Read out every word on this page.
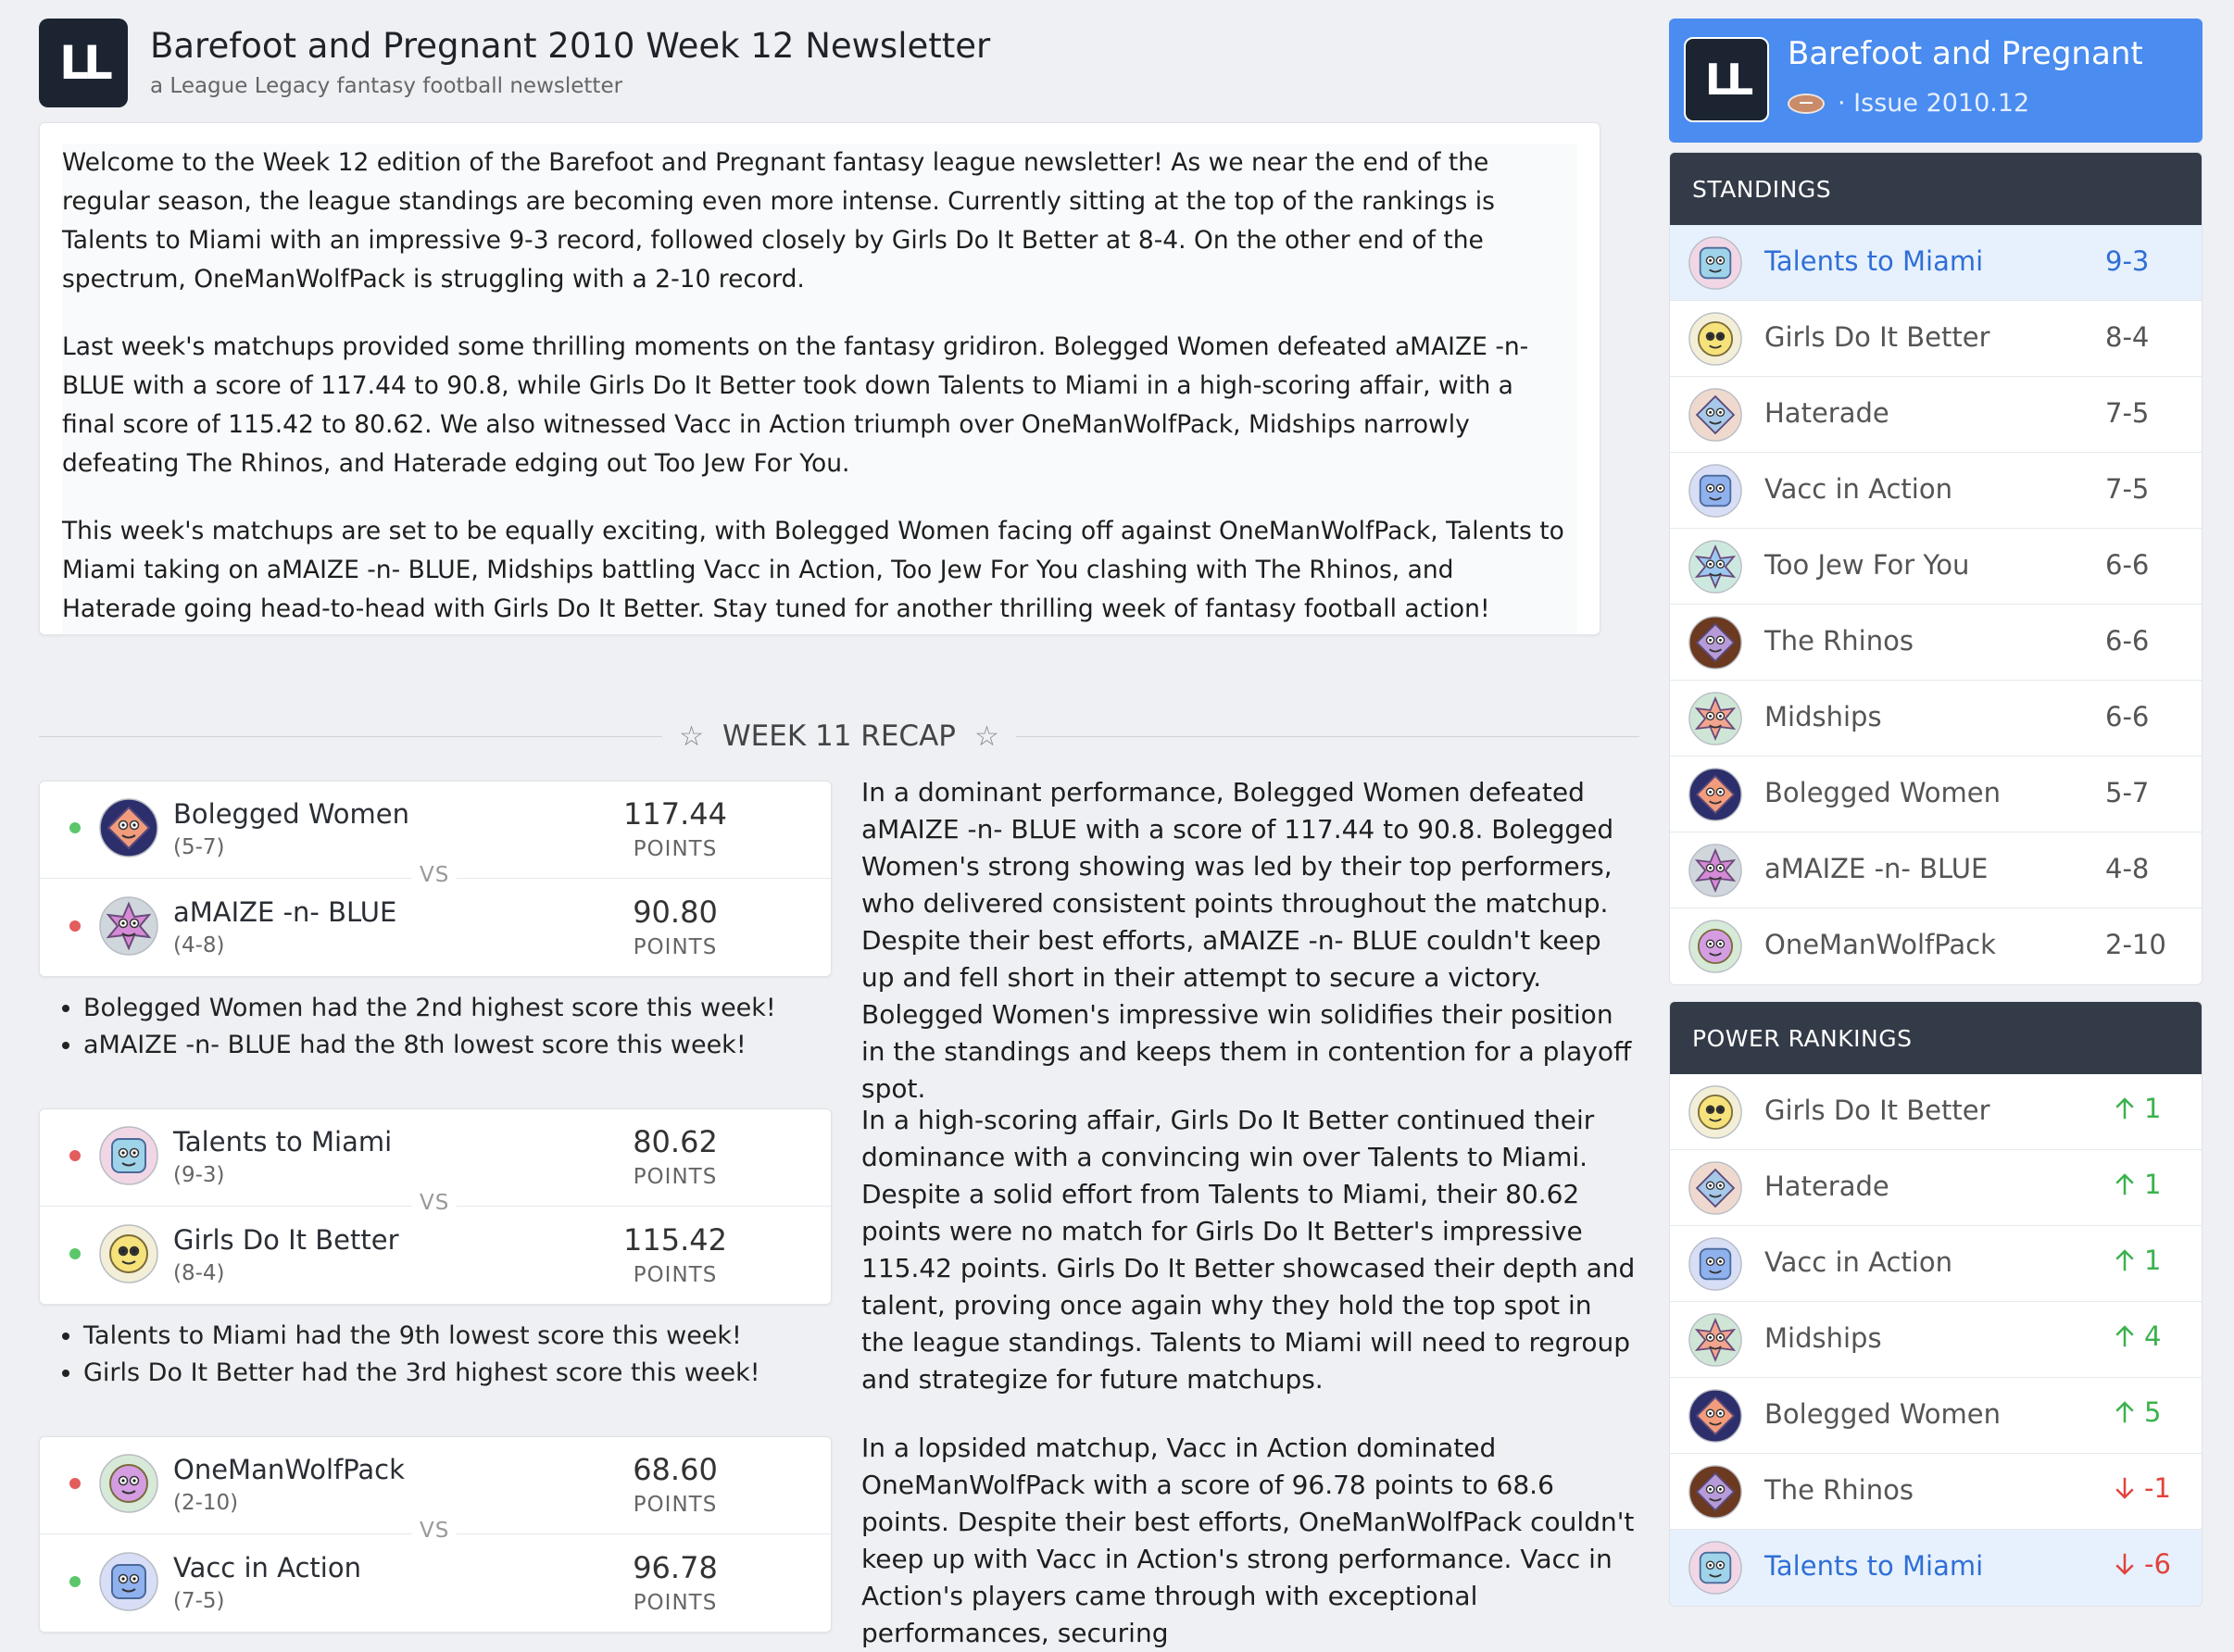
LL Barefoot and Pregnant 2010 Week 12 Newsletter
a League Legacy fantasy football newsletter

Welcome to the Week 12 edition of the Barefoot and Pregnant fantasy league newsletter! As we near the end of the regular season, the league standings are becoming even more intense. Currently sitting at the top of the rankings is Talents to Miami with an impressive 9-3 record, followed closely by Girls Do It Better at 8-4. On the other end of the spectrum, OneManWolfPack is struggling with a 2-10 record.

Last week's matchups provided some thrilling moments on the fantasy gridiron. Bolegged Women defeated aMAIZE -n- BLUE with a score of 117.44 to 90.8, while Girls Do It Better took down Talents to Miami in a high-scoring affair, with a final score of 115.42 to 80.62. We also witnessed Vacc in Action triumph over OneManWolfPack, Midships narrowly defeating The Rhinos, and Haterade edging out Too Jew For You.

This week's matchups are set to be equally exciting, with Bolegged Women facing off against OneManWolfPack, Talents to Miami taking on aMAIZE -n- BLUE, Midships battling Vacc in Action, Too Jew For You clashing with The Rhinos, and Haterade going head-to-head with Girls Do It Better. Stay tuned for another thrilling week of fantasy football action!

☆ WEEK 11 RECAP ☆
Bolegged Women
(5-7)
117.44
POINTS
VS
aMAIZE -n- BLUE
(4-8)
90.80
POINTS
• Bolegged Women had the 2nd highest score this week!
• aMAIZE -n- BLUE had the 8th lowest score this week!
In a dominant performance, Bolegged Women defeated aMAIZE -n- BLUE with a score of 117.44 to 90.8. Bolegged Women's strong showing was led by their top performers, who delivered consistent points throughout the matchup. Despite their best efforts, aMAIZE -n- BLUE couldn't keep up and fell short in their attempt to secure a victory. Bolegged Women's impressive win solidifies their position in the standings and keeps them in contention for a playoff spot.
Talents to Miami
(9-3)
80.62
POINTS
VS
Girls Do It Better
(8-4)
115.42
POINTS
• Talents to Miami had the 9th lowest score this week!
• Girls Do It Better had the 3rd highest score this week!
In a high-scoring affair, Girls Do It Better continued their dominance with a convincing win over Talents to Miami. Despite a solid effort from Talents to Miami, their 80.62 points were no match for Girls Do It Better's impressive 115.42 points. Girls Do It Better showcased their depth and talent, proving once again why they hold the top spot in the league standings. Talents to Miami will need to regroup and strategize for future matchups.
OneManWolfPack
(2-10)
68.60
POINTS
VS
Vacc in Action
(7-5)
96.78
POINTS
In a lopsided matchup, Vacc in Action dominated OneManWolfPack with a score of 96.78 points to 68.6 points. Despite their best efforts, OneManWolfPack couldn't keep up with Vacc in Action's strong performance. Vacc in Action's players came through with exceptional performances, securing
LL
Barefoot and Pregnant
· Issue 2010.12
STANDINGS
Talents to Miami	9-3
Girls Do It Better	8-4
Haterade	7-5
Vacc in Action	7-5
Too Jew For You	6-6
The Rhinos	6-6
Midships	6-6
Bolegged Women	5-7
aMAIZE -n- BLUE	4-8
OneManWolfPack	2-10
POWER RANKINGS
Girls Do It Better	1
Haterade	1
Vacc in Action	1
Midships	4
Bolegged Women	5
The Rhinos	-1
Talents to Miami	-6
